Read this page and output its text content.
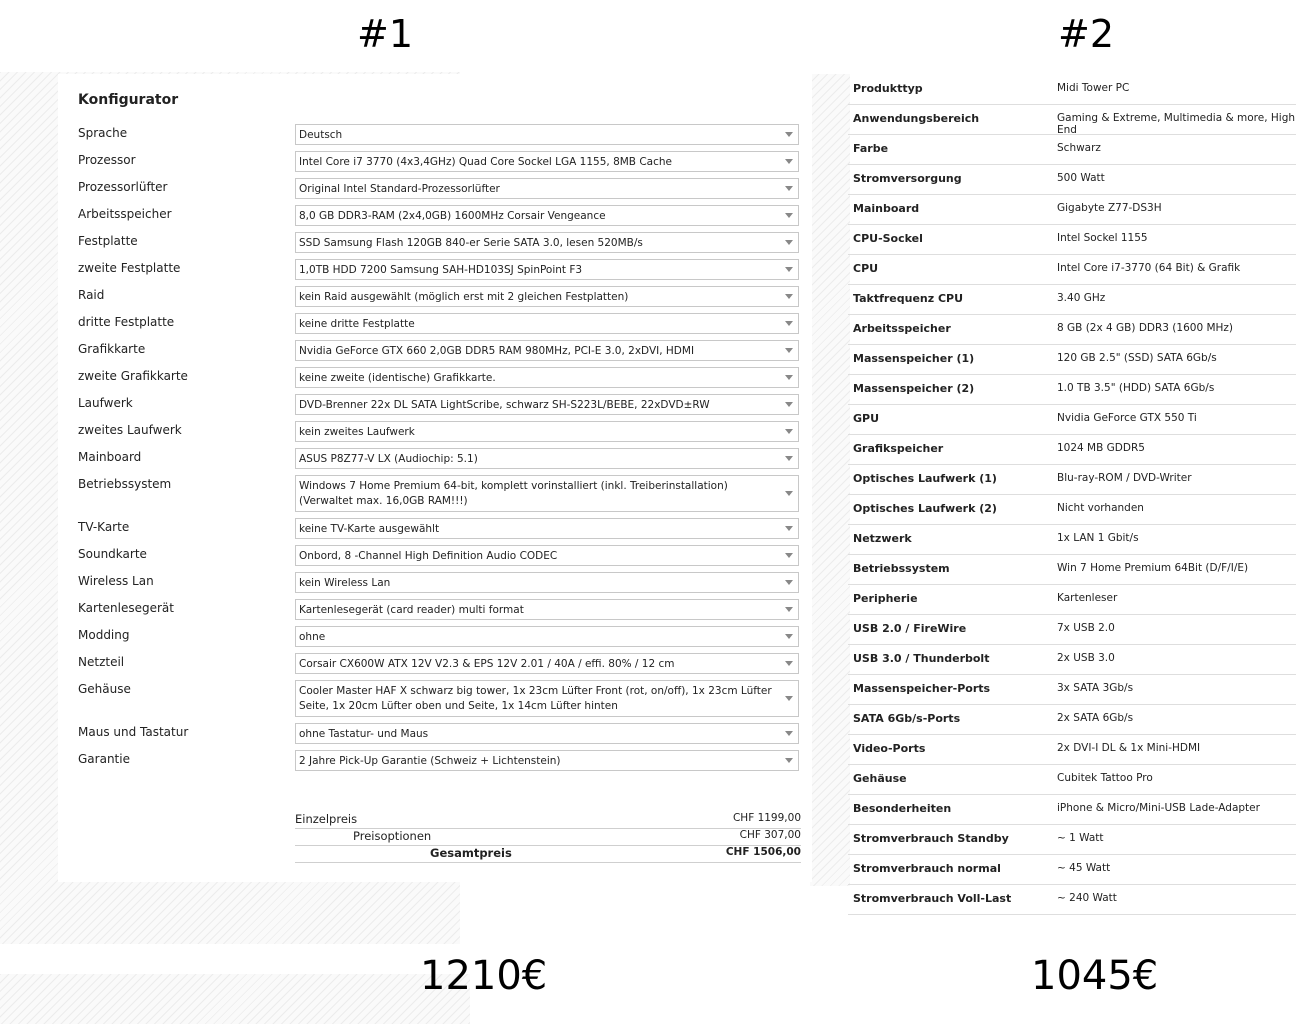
#1	#2
Konfigurator
Sprache	Deutsch
Prozessor	Intel Core i7 3770 (4x3,4GHz) Quad Core Sockel LGA 1155, 8MB Cache
Prozessorlüfter	Original Intel Standard-Prozessorlüfter
Arbeitsspeicher	8,0 GB DDR3-RAM (2x4,0GB) 1600MHz Corsair Vengeance
Festplatte	SSD Samsung Flash 120GB 840-er Serie SATA 3.0, lesen 520MB/s
zweite Festplatte	1,0TB HDD 7200 Samsung SAH-HD103SJ SpinPoint F3
Raid	kein Raid ausgewählt (möglich erst mit 2 gleichen Festplatten)
dritte Festplatte	keine dritte Festplatte
Grafikkarte	Nvidia GeForce GTX 660 2,0GB DDR5 RAM 980MHz, PCI-E 3.0, 2xDVI, HDMI
zweite Grafikkarte	keine zweite (identische) Grafikkarte.
Laufwerk	DVD-Brenner 22x DL SATA LightScribe, schwarz SH-S223L/BEBE, 22xDVD±RW
zweites Laufwerk	kein zweites Laufwerk
Mainboard	ASUS P8Z77-V LX (Audiochip: 5.1)
Betriebssystem	Windows 7 Home Premium 64-bit, komplett vorinstalliert (inkl. Treiberinstallation) (Verwaltet max. 16,0GB RAM!!!)
TV-Karte	keine TV-Karte ausgewählt
Soundkarte	Onbord, 8 -Channel High Definition Audio CODEC
Wireless Lan	kein Wireless Lan
Kartenlesegerät	Kartenlesegerät (card reader) multi format
Modding	ohne
Netzteil	Corsair CX600W ATX 12V V2.3 & EPS 12V 2.01 / 40A / effi. 80% / 12 cm
Gehäuse	Cooler Master HAF X schwarz big tower, 1x 23cm Lüfter Front (rot, on/off), 1x 23cm Lüfter Seite, 1x 20cm Lüfter oben und Seite, 1x 14cm Lüfter hinten
Maus und Tastatur	ohne Tastatur- und Maus
Garantie	2 Jahre Pick-Up Garantie (Schweiz + Lichtenstein)
Einzelpreis	CHF 1199,00
Preisoptionen	CHF 307,00
Gesamtpreis	CHF 1506,00
Produkttyp	Midi Tower PC
Anwendungsbereich	Gaming & Extreme, Multimedia & more, High End
Farbe	Schwarz
Stromversorgung	500 Watt
Mainboard	Gigabyte Z77-DS3H
CPU-Sockel	Intel Sockel 1155
CPU	Intel Core i7-3770 (64 Bit) & Grafik
Taktfrequenz CPU	3.40 GHz
Arbeitsspeicher	8 GB (2x 4 GB) DDR3 (1600 MHz)
Massenspeicher (1)	120 GB 2.5" (SSD) SATA 6Gb/s
Massenspeicher (2)	1.0 TB 3.5" (HDD) SATA 6Gb/s
GPU	Nvidia GeForce GTX 550 Ti
Grafikspeicher	1024 MB GDDR5
Optisches Laufwerk (1)	Blu-ray-ROM / DVD-Writer
Optisches Laufwerk (2)	Nicht vorhanden
Netzwerk	1x LAN 1 Gbit/s
Betriebssystem	Win 7 Home Premium 64Bit (D/F/I/E)
Peripherie	Kartenleser
USB 2.0 / FireWire	7x USB 2.0
USB 3.0 / Thunderbolt	2x USB 3.0
Massenspeicher-Ports	3x SATA 3Gb/s
SATA 6Gb/s-Ports	2x SATA 6Gb/s
Video-Ports	2x DVI-I DL & 1x Mini-HDMI
Gehäuse	Cubitek Tattoo Pro
Besonderheiten	iPhone & Micro/Mini-USB Lade-Adapter
Stromverbrauch Standby	~ 1 Watt
Stromverbrauch normal	~ 45 Watt
Stromverbrauch Voll-Last	~ 240 Watt
1210€	1045€
